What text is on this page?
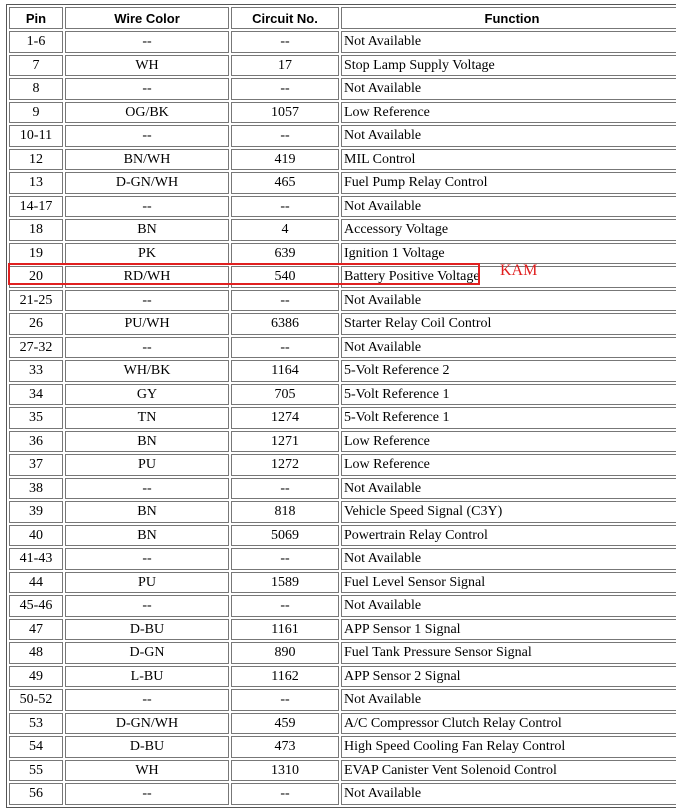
Pin	Wire Color	Circuit No.	Function
1-6	--	--	Not Available
7	WH	17	Stop Lamp Supply Voltage
8	--	--	Not Available
9	OG/BK	1057	Low Reference
10-11	--	--	Not Available
12	BN/WH	419	MIL Control
13	D-GN/WH	465	Fuel Pump Relay Control
14-17	--	--	Not Available
18	BN	4	Accessory Voltage
19	PK	639	Ignition 1 Voltage
20	RD/WH	540	Battery Positive Voltage
21-25	--	--	Not Available
26	PU/WH	6386	Starter Relay Coil Control
27-32	--	--	Not Available
33	WH/BK	1164	5-Volt Reference 2
34	GY	705	5-Volt Reference 1
35	TN	1274	5-Volt Reference 1
36	BN	1271	Low Reference
37	PU	1272	Low Reference
38	--	--	Not Available
39	BN	818	Vehicle Speed Signal (C3Y)
40	BN	5069	Powertrain Relay Control
41-43	--	--	Not Available
44	PU	1589	Fuel Level Sensor Signal
45-46	--	--	Not Available
47	D-BU	1161	APP Sensor 1 Signal
48	D-GN	890	Fuel Tank Pressure Sensor Signal
49	L-BU	1162	APP Sensor 2 Signal
50-52	--	--	Not Available
53	D-GN/WH	459	A/C Compressor Clutch Relay Control
54	D-BU	473	High Speed Cooling Fan Relay Control
55	WH	1310	EVAP Canister Vent Solenoid Control
56	--	--	Not Available
KAM
